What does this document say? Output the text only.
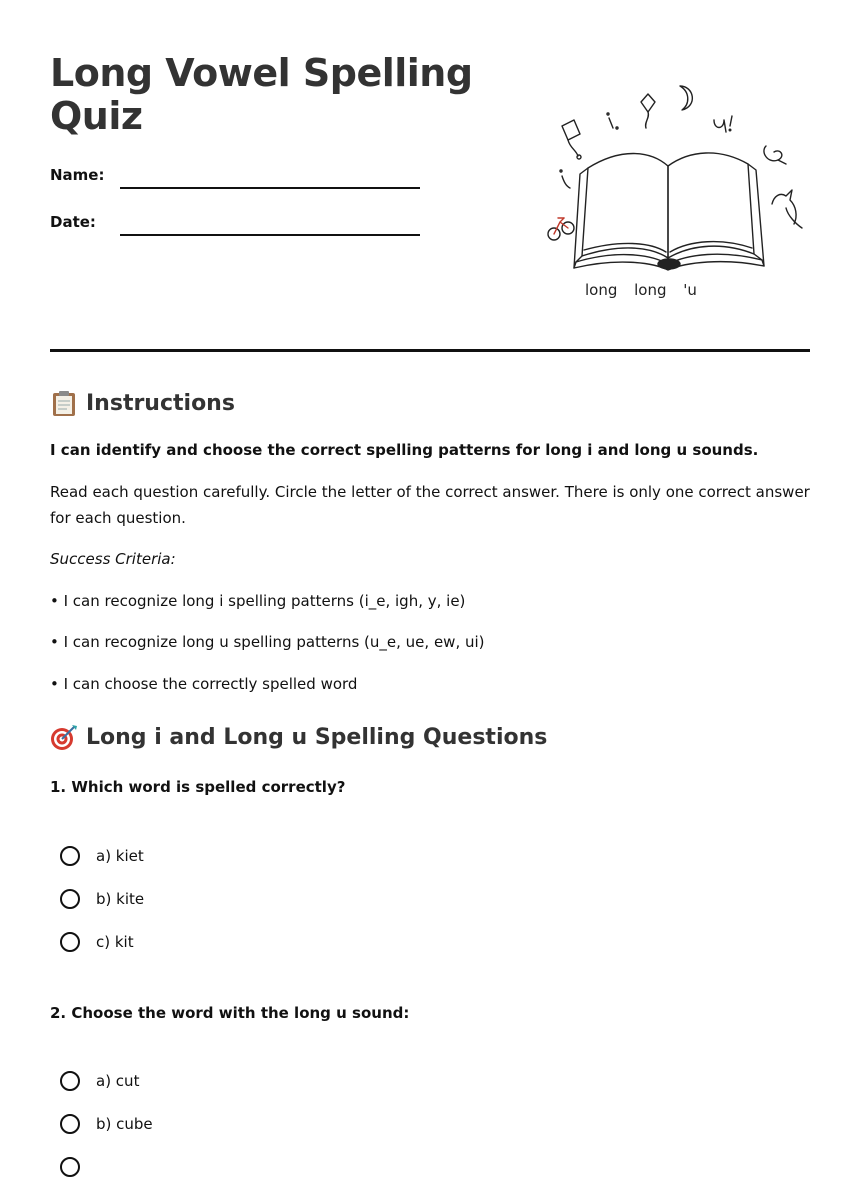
Long Vowel Spelling Quiz
Name:
Date:
long long 'u
Instructions

I can identify and choose the correct spelling patterns for long i and long u sounds.

Read each question carefully. Circle the letter of the correct answer. There is only one correct answer for each question.

Success Criteria:

• I can recognize long i spelling patterns (i_e, igh, y, ie)

• I can recognize long u spelling patterns (u_e, ue, ew, ui)

• I can choose the correctly spelled word

Long i and Long u Spelling Questions
1. Which word is spelled correctly?
a) kiet
b) kite
c) kit
2. Choose the word with the long u sound:
a) cut
b) cube
